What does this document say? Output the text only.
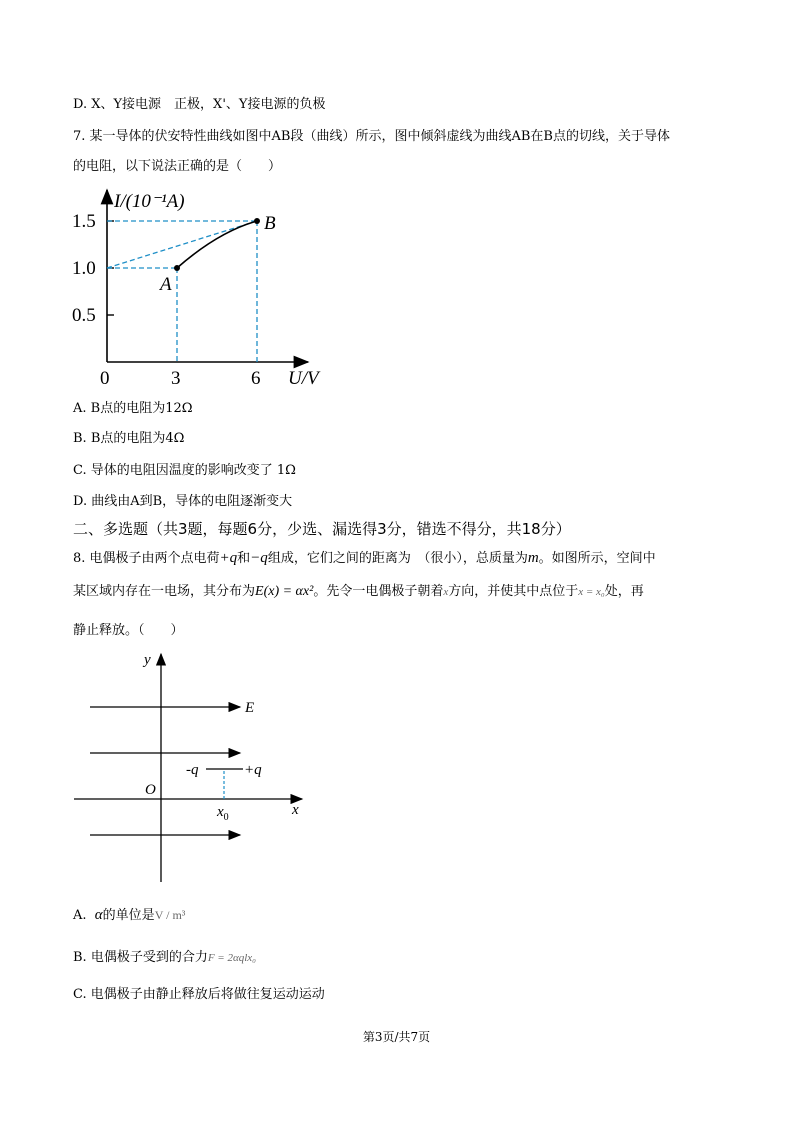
D. X、Y接电源　正极，X'、Y接电源的负极
7. 某一导体的伏安特性曲线如图中AB段（曲线）所示，图中倾斜虚线为曲线AB在B点的切线，关于导体
的电阻，以下说法正确的是（　　）
I/(10⁻¹A)
1.5
1.0
0.5
0	3	6 U/V
A
B
A. B点的电阻为12Ω
B. B点的电阻为4Ω
C. 导体的电阻因温度的影响改变了 1Ω
D. 曲线由A到B，导体的电阻逐渐变大
二、多选题（共3题，每题6分，少选、漏选得3分，错选不得分，共18分）
8. 电偶极子由两个点电荷+q和−q组成，它们之间的距离为　（很小），总质量为m。如图所示，空间中
某区域内存在一电场，其分布为E(x) = αx²。先令一电偶极子朝着x方向，并使其中点位于x = x₀处，再
静止释放。（　　）
y
E
-q	+q
O
$x_0$	x
A. α的单位是V / m³
B. 电偶极子受到的合力F = 2αqlx₀
C. 电偶极子由静止释放后将做往复运动运动
第3页/共7页
